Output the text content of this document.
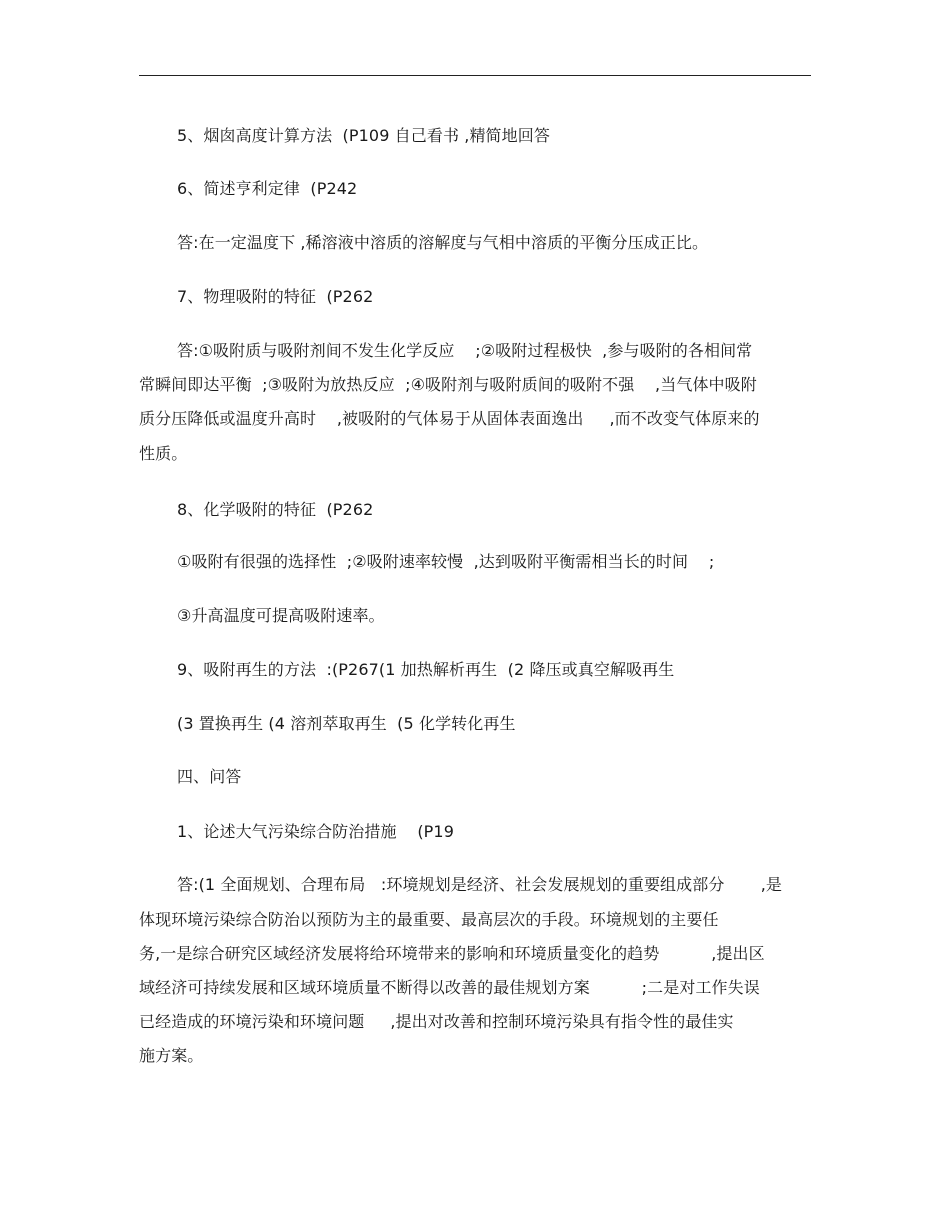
5、烟囱高度计算方法  (P109 自己看书 ,精简地回答
6、简述亨利定律  (P242
答:在一定温度下 ,稀溶液中溶质的溶解度与气相中溶质的平衡分压成正比。
7、物理吸附的特征  (P262
答:①吸附质与吸附剂间不发生化学反应    ;②吸附过程极快  ,参与吸附的各相间常
常瞬间即达平衡  ;③吸附为放热反应  ;④吸附剂与吸附质间的吸附不强    ,当气体中吸附
质分压降低或温度升高时    ,被吸附的气体易于从固体表面逸出     ,而不改变气体原来的
性质。
8、化学吸附的特征  (P262
①吸附有很强的选择性  ;②吸附速率较慢  ,达到吸附平衡需相当长的时间    ;
③升高温度可提高吸附速率。
9、吸附再生的方法  :(P267(1 加热解析再生  (2 降压或真空解吸再生
(3 置换再生 (4 溶剂萃取再生  (5 化学转化再生
四、问答
1、论述大气污染综合防治措施    (P19
答:(1 全面规划、合理布局   :环境规划是经济、社会发展规划的重要组成部分       ,是
体现环境污染综合防治以预防为主的最重要、最高层次的手段。环境规划的主要任
务,一是综合研究区域经济发展将给环境带来的影响和环境质量变化的趋势          ,提出区
域经济可持续发展和区域环境质量不断得以改善的最佳规划方案          ;二是对工作失误
已经造成的环境污染和环境问题     ,提出对改善和控制环境污染具有指令性的最佳实
施方案。
